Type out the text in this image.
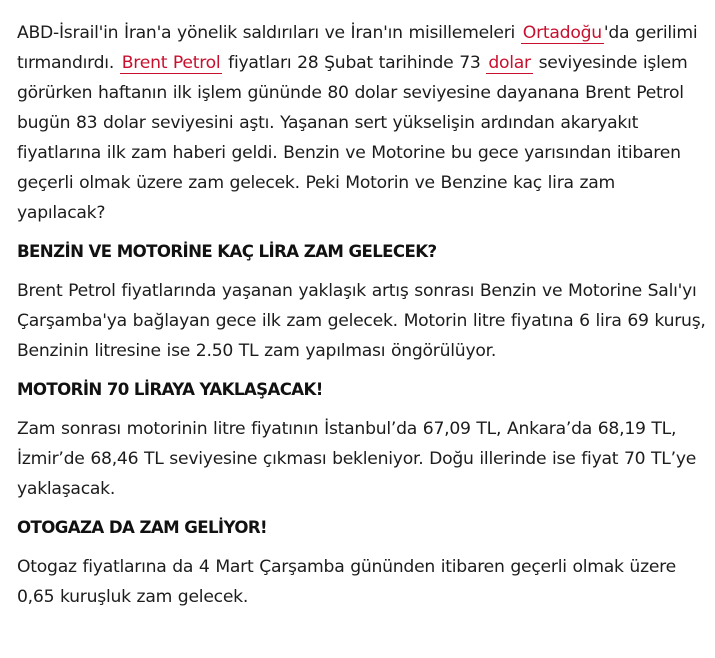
ABD-İsrail'in İran'a yönelik saldırıları ve İran'ın misillemeleri Ortadoğu 'da gerilimi tırmandırdı. Brent Petrol fiyatları 28 Şubat tarihinde 73 dolar seviyesinde işlem görürken haftanın ilk işlem gününde 80 dolar seviyesine dayanana Brent Petrol bugün 83 dolar seviyesini aştı. Yaşanan sert yükselişin ardından akaryakıt fiyatlarına ilk zam haberi geldi. Benzin ve Motorine bu gece yarısından itibaren geçerli olmak üzere zam gelecek. Peki Motorin ve Benzine kaç lira zam yapılacak?

BENZİN VE MOTORİNE KAÇ LİRA ZAM GELECEK?

Brent Petrol fiyatlarında yaşanan yaklaşık artış sonrası Benzin ve Motorine Salı'yı Çarşamba'ya bağlayan gece ilk zam gelecek. Motorin litre fiyatına 6 lira 69 kuruş, Benzinin litresine ise 2.50 TL zam yapılması öngörülüyor.

MOTORİN 70 LİRAYA YAKLAŞACAK!

Zam sonrası motorinin litre fiyatının İstanbul’da 67,09 TL, Ankara’da 68,19 TL, İzmir’de 68,46 TL seviyesine çıkması bekleniyor. Doğu illerinde ise fiyat 70 TL’ye yaklaşacak.

OTOGAZA DA ZAM GELİYOR!

Otogaz fiyatlarına da 4 Mart Çarşamba gününden itibaren geçerli olmak üzere 0,65 kuruşluk zam gelecek.
